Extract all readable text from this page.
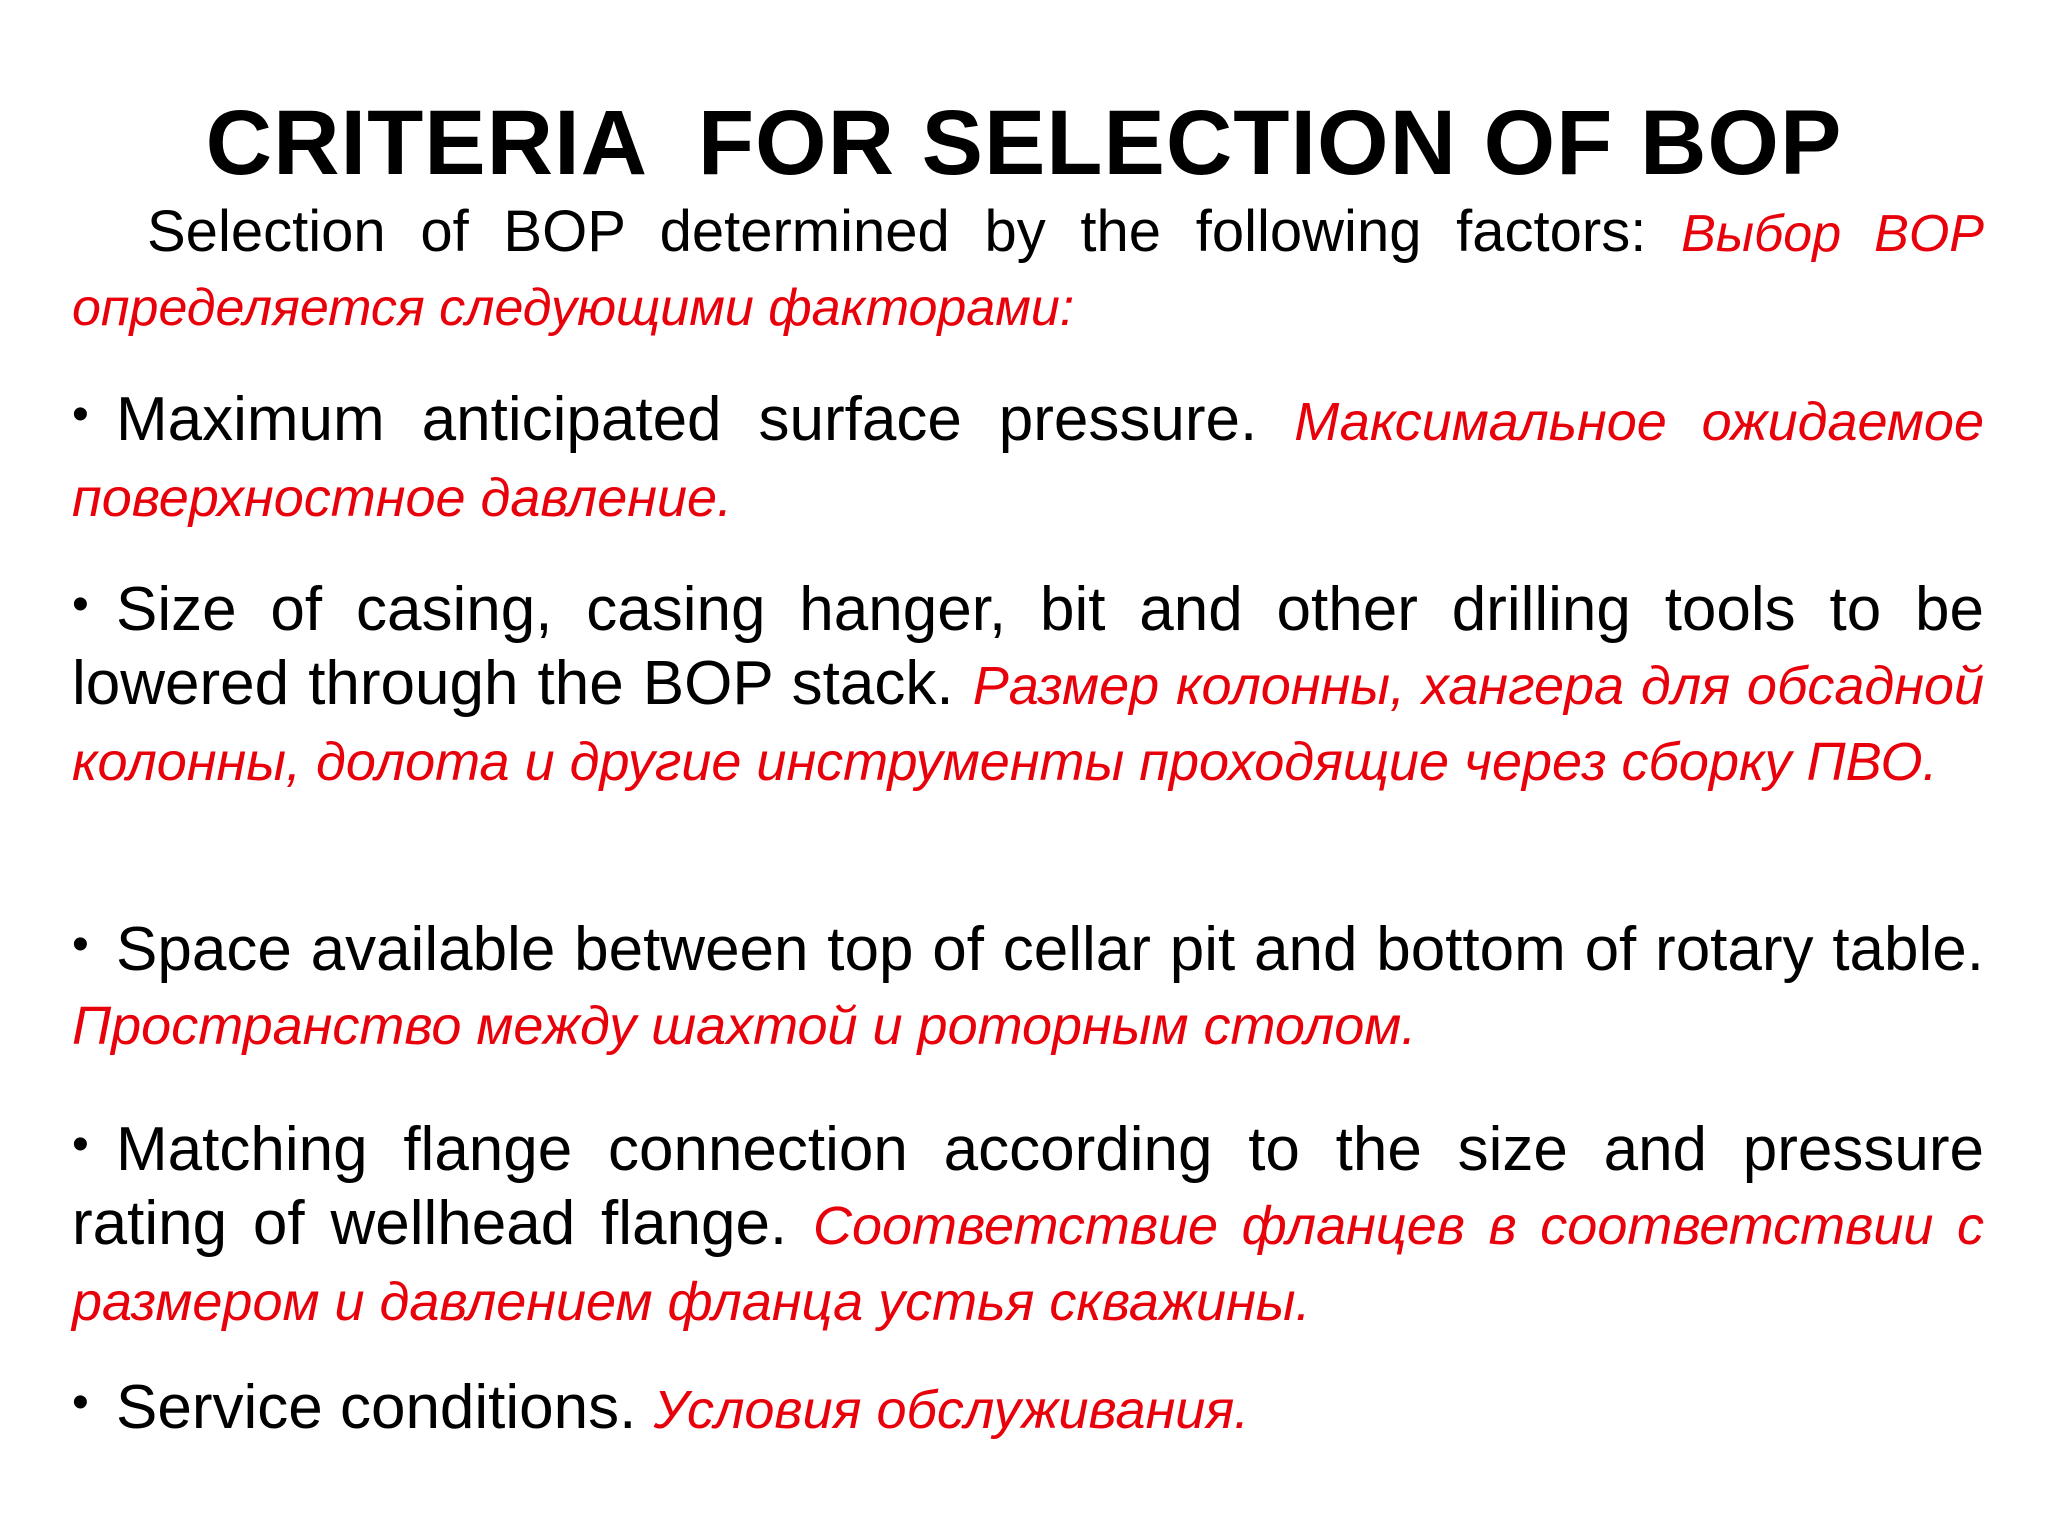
CRITERIA  FOR SELECTION OF BOP
Selection of BOP determined by the following factors: Выбор BOP определяется следующими факторами:
• Maximum anticipated surface pressure. Максимальное ожидаемое поверхностное давление.
• Size of casing, casing hanger, bit and other drilling tools to be lowered through the BOP stack. Размер колонны, хангера для обсадной колонны, долота и другие инструменты проходящие через сборку ПВО.
• Space available between top of cellar pit and bottom of rotary table. Пространство между шахтой и роторным столом.
• Matching flange connection according to the size and pressure rating of wellhead flange. Соответствие фланцев в соответствии с размером и давлением фланца устья скважины.
• Service conditions. Условия обслуживания.
